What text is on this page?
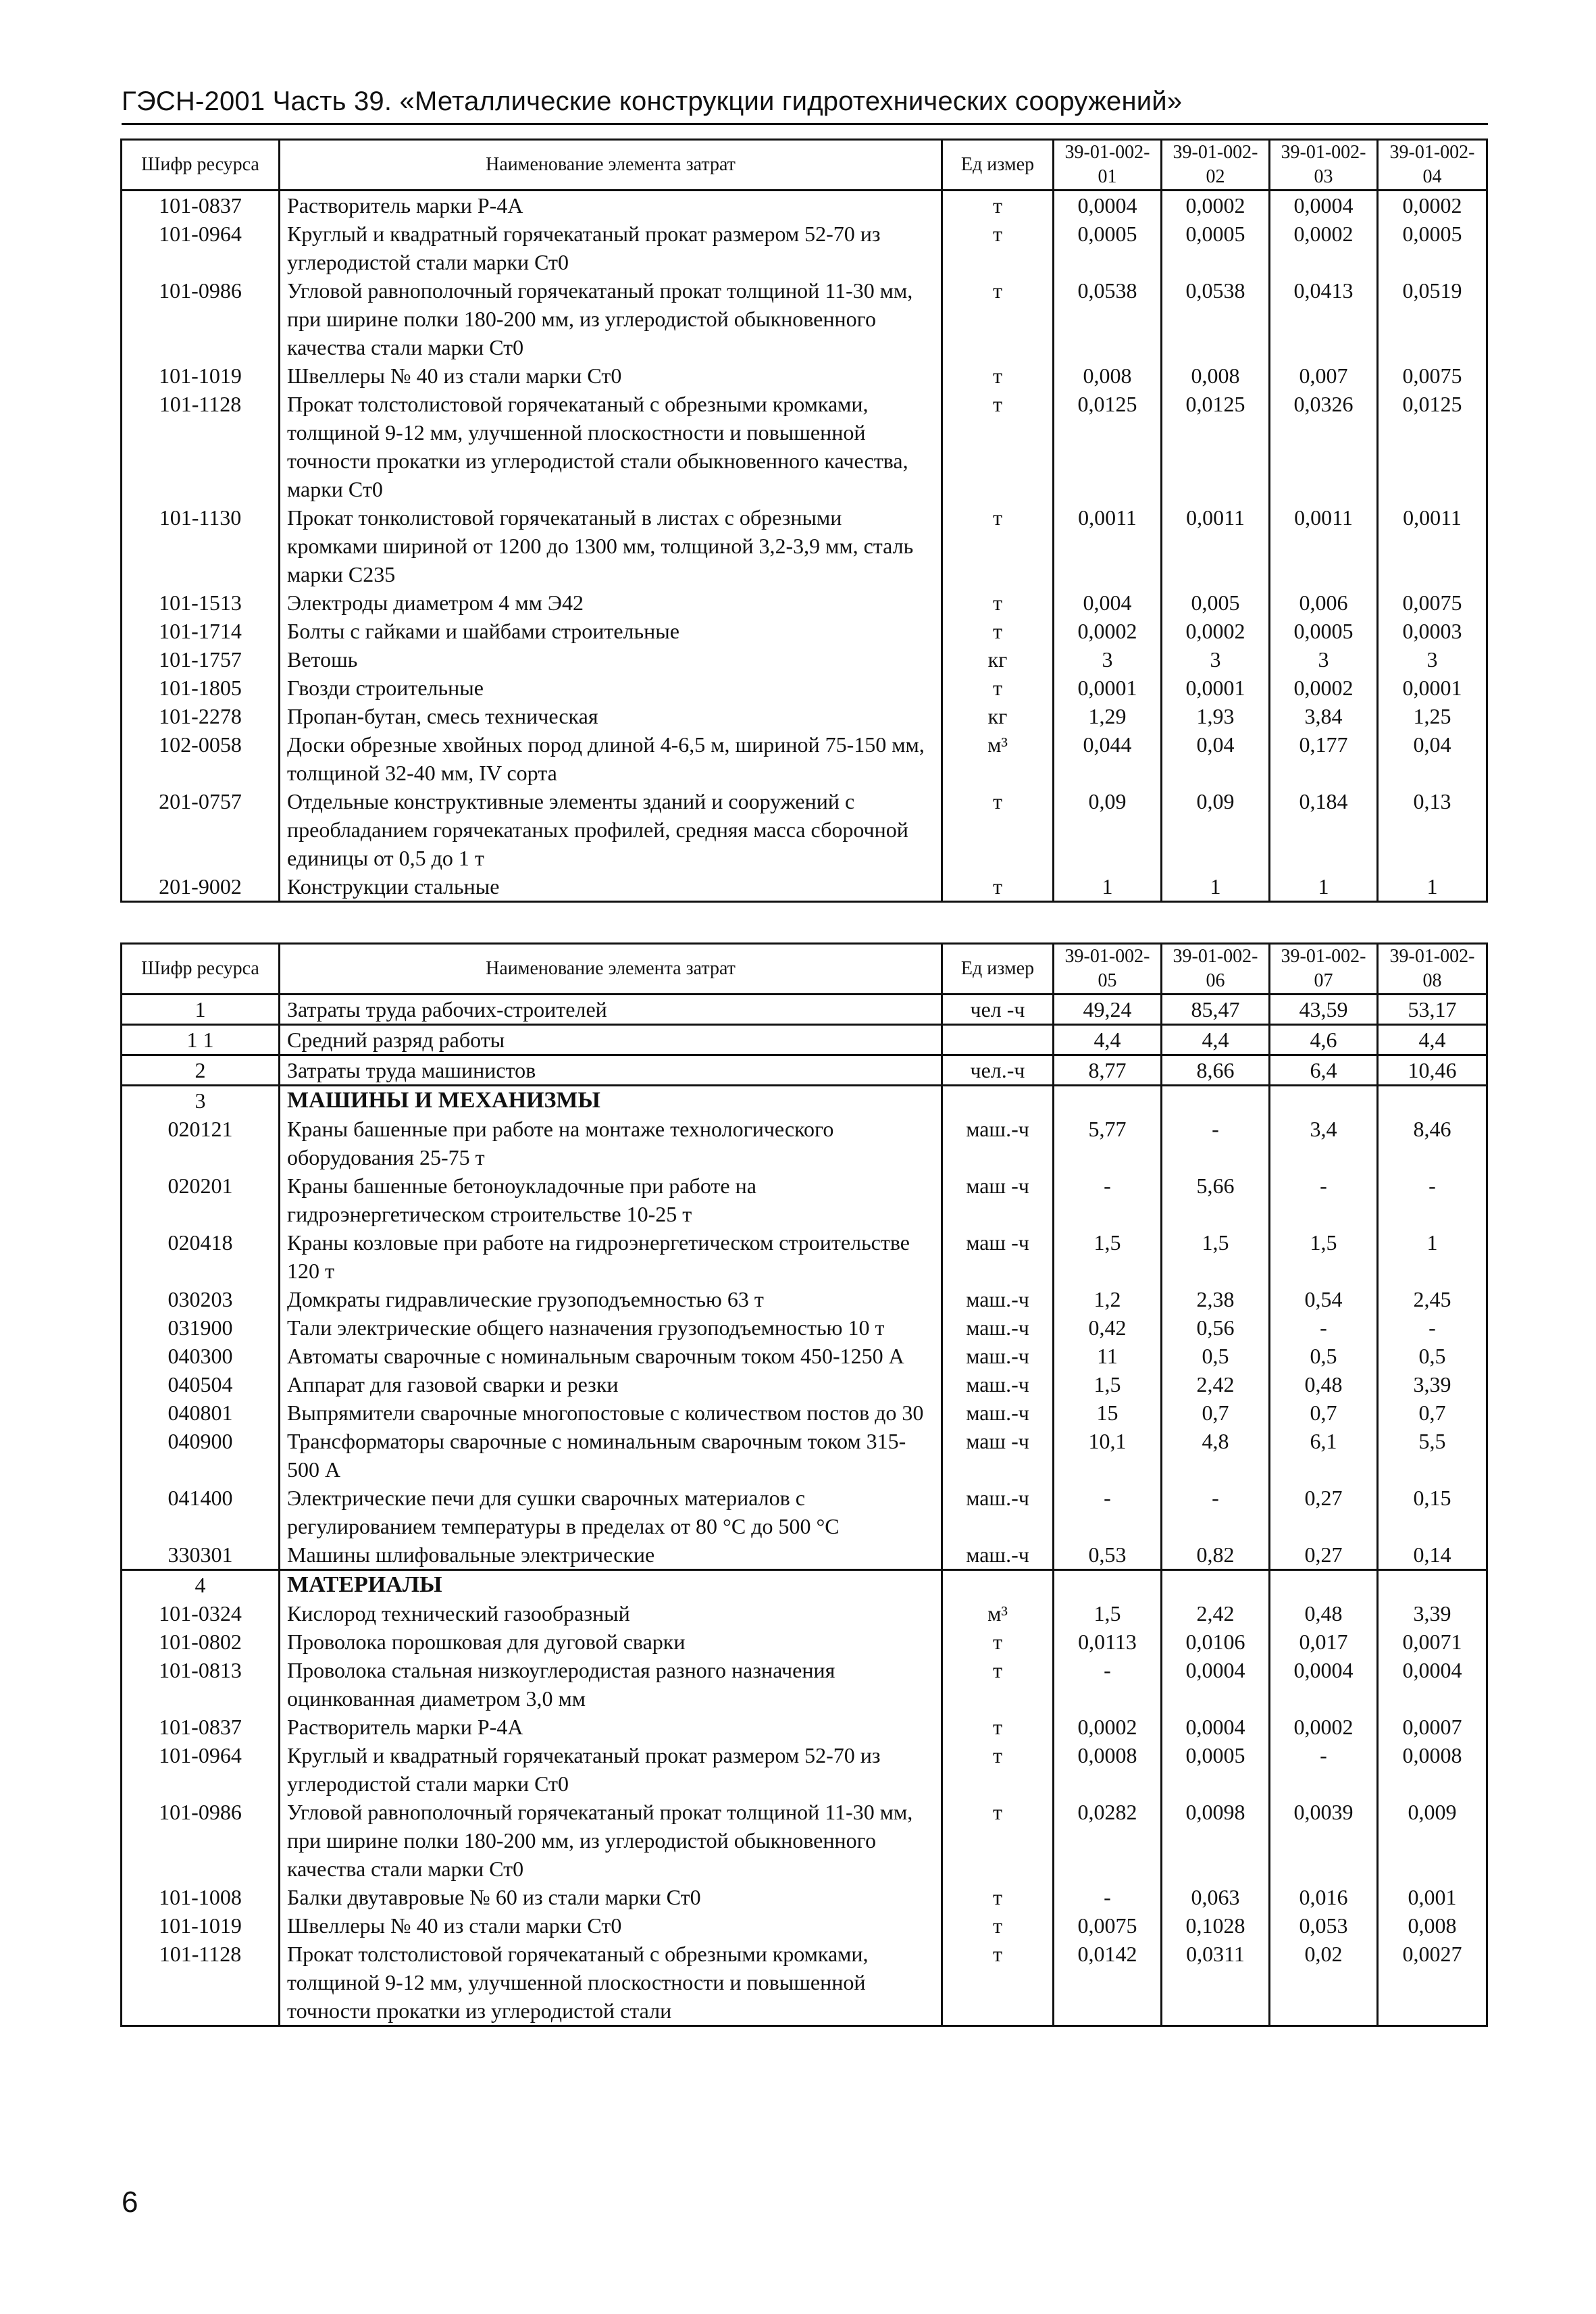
ГЭСН-2001 Часть 39. «Металлические конструкции гидротехнических сооружений»
Шифр ресурса	Наименование элемента затрат	Ед измер	39-01-002-01	39-01-002-02	39-01-002-03	39-01-002-04
101-0837	Растворитель марки Р-4А	т	0,0004	0,0002	0,0004	0,0002
101-0964	Круглый и квадратный горячекатаный прокат размером 52-70 из углеродистой стали марки Ст0	т	0,0005	0,0005	0,0002	0,0005
101-0986	Угловой равнополочный горячекатаный прокат толщиной 11-30 мм, при ширине полки 180-200 мм, из углеродистой обыкновенного качества стали марки Ст0	т	0,0538	0,0538	0,0413	0,0519
101-1019	Швеллеры № 40 из стали марки Ст0	т	0,008	0,008	0,007	0,0075
101-1128	Прокат толстолистовой горячекатаный с обрезными кромками, толщиной 9-12 мм, улучшенной плоскостности и повышенной точности прокатки из углеродистой стали обыкновенного качества, марки Ст0	т	0,0125	0,0125	0,0326	0,0125
101-1130	Прокат тонколистовой горячекатаный в листах с обрезными кромками шириной от 1200 до 1300 мм, толщиной 3,2-3,9 мм, сталь марки С235	т	0,0011	0,0011	0,0011	0,0011
101-1513	Электроды диаметром 4 мм Э42	т	0,004	0,005	0,006	0,0075
101-1714	Болты с гайками и шайбами строительные	т	0,0002	0,0002	0,0005	0,0003
101-1757	Ветошь	кг	3	3	3	3
101-1805	Гвозди строительные	т	0,0001	0,0001	0,0002	0,0001
101-2278	Пропан-бутан, смесь техническая	кг	1,29	1,93	3,84	1,25
102-0058	Доски обрезные хвойных пород длиной 4-6,5 м, шириной 75-150 мм, толщиной 32-40 мм, IV сорта	м³	0,044	0,04	0,177	0,04
201-0757	Отдельные конструктивные элементы зданий и сооружений с преобладанием горячекатаных профилей, средняя масса сборочной единицы от 0,5 до 1 т	т	0,09	0,09	0,184	0,13
201-9002	Конструкции стальные	т	1	1	1	1
Шифр ресурса	Наименование элемента затрат	Ед измер	39-01-002-05	39-01-002-06	39-01-002-07	39-01-002-08
1	Затраты труда рабочих-строителей	чел -ч	49,24	85,47	43,59	53,17
1 1	Средний разряд работы		4,4	4,4	4,6	4,4
2	Затраты труда машинистов	чел.-ч	8,77	8,66	6,4	10,46
3	МАШИНЫ И МЕХАНИЗМЫ					
020121	Краны башенные при работе на монтаже технологического оборудования 25-75 т	маш.-ч	5,77	-	3,4	8,46
020201	Краны башенные бетоноукладочные при работе на гидроэнергетическом строительстве 10-25 т	маш -ч	-	5,66	-	-
020418	Краны козловые при работе на гидроэнергетическом строительстве 120 т	маш -ч	1,5	1,5	1,5	1
030203	Домкраты гидравлические грузоподъемностью 63 т	маш.-ч	1,2	2,38	0,54	2,45
031900	Тали электрические общего назначения грузоподъемностью 10 т	маш.-ч	0,42	0,56	-	-
040300	Автоматы сварочные с номинальным сварочным током 450-1250 А	маш.-ч	11	0,5	0,5	0,5
040504	Аппарат для газовой сварки и резки	маш.-ч	1,5	2,42	0,48	3,39
040801	Выпрямители сварочные многопостовые с количеством постов до 30	маш.-ч	15	0,7	0,7	0,7
040900	Трансформаторы сварочные с номинальным сварочным током 315-500 А	маш -ч	10,1	4,8	6,1	5,5
041400	Электрические печи для сушки сварочных материалов с регулированием температуры в пределах от 80 °С до 500 °С	маш.-ч	-	-	0,27	0,15
330301	Машины шлифовальные электрические	маш.-ч	0,53	0,82	0,27	0,14
4	МАТЕРИАЛЫ					
101-0324	Кислород технический газообразный	м³	1,5	2,42	0,48	3,39
101-0802	Проволока порошковая для дуговой сварки	т	0,0113	0,0106	0,017	0,0071
101-0813	Проволока стальная низкоуглеродистая разного назначения оцинкованная диаметром 3,0 мм	т	-	0,0004	0,0004	0,0004
101-0837	Растворитель марки Р-4А	т	0,0002	0,0004	0,0002	0,0007
101-0964	Круглый и квадратный горячекатаный прокат размером 52-70 из углеродистой стали марки Ст0	т	0,0008	0,0005	-	0,0008
101-0986	Угловой равнополочный горячекатаный прокат толщиной 11-30 мм, при ширине полки 180-200 мм, из углеродистой обыкновенного качества стали марки Ст0	т	0,0282	0,0098	0,0039	0,009
101-1008	Балки двутавровые № 60 из стали марки Ст0	т	-	0,063	0,016	0,001
101-1019	Швеллеры № 40 из стали марки Ст0	т	0,0075	0,1028	0,053	0,008
101-1128	Прокат толстолистовой горячекатаный с обрезными кромками, толщиной 9-12 мм, улучшенной плоскостности и повышенной точности прокатки из углеродистой стали	т	0,0142	0,0311	0,02	0,0027
6
